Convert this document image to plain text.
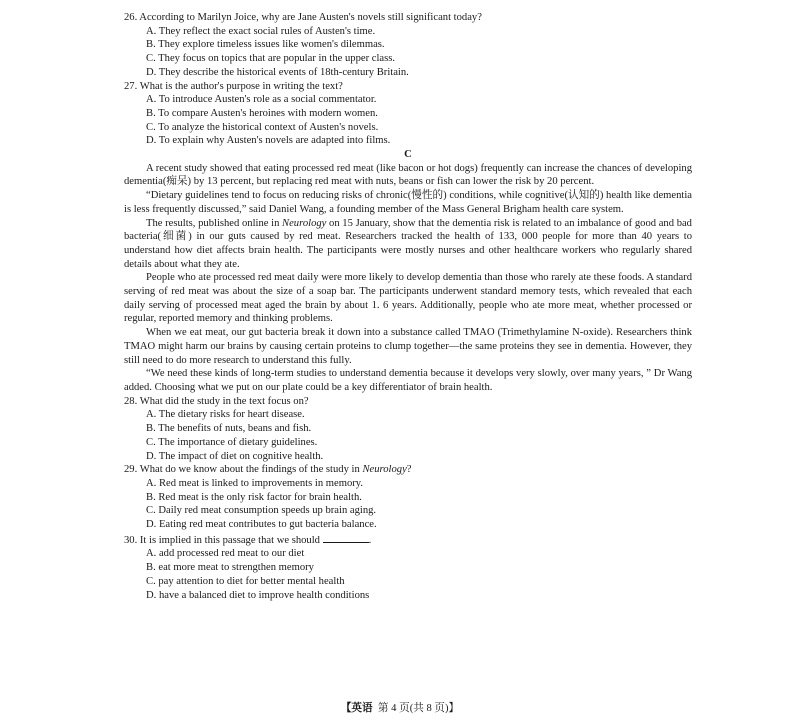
26. According to Marilyn Joice, why are Jane Austen's novels still significant today?

A. They reflect the exact social rules of Austen's time.

B. They explore timeless issues like women's dilemmas.

C. They focus on topics that are popular in the upper class.

D. They describe the historical events of 18th-century Britain.

27. What is the author's purpose in writing the text?

A. To introduce Austen's role as a social commentator.

B. To compare Austen's heroines with modern women.

C. To analyze the historical context of Austen's novels.

D. To explain why Austen's novels are adapted into films.

C

A recent study showed that eating processed red meat (like bacon or hot dogs) frequently can increase the chances of developing dementia(痴呆) by 13 percent, but replacing red meat with nuts, beans or fish can lower the risk by 20 percent.

“Dietary guidelines tend to focus on reducing risks of chronic(慢性的) conditions, while cognitive(认知的) health like dementia is less frequently discussed,” said Daniel Wang, a founding member of the Mass General Brigham health care system.

The results, published online in Neurology on 15 January, show that the dementia risk is related to an imbalance of good and bad bacteria(细菌) in our guts caused by red meat. Researchers tracked the health of 133, 000 people for more than 40 years to understand how diet affects brain health. The participants were mostly nurses and other healthcare workers who regularly shared details about what they ate.

People who ate processed red meat daily were more likely to develop dementia than those who rarely ate these foods. A standard serving of red meat was about the size of a soap bar. The participants underwent standard memory tests, which revealed that each daily serving of processed meat aged the brain by about 1. 6 years. Additionally, people who ate more meat, whether processed or regular, reported memory and thinking problems.

When we eat meat, our gut bacteria break it down into a substance called TMAO (Trimethylamine N-oxide). Researchers think TMAO might harm our brains by causing certain proteins to clump together—the same proteins they see in dementia. However, they still need to do more research to understand this fully.

“We need these kinds of long-term studies to understand dementia because it develops very slowly, over many years, ” Dr Wang added. Choosing what we put on our plate could be a key differentiator of brain health.

28. What did the study in the text focus on?

A. The dietary risks for heart disease.

B. The benefits of nuts, beans and fish.

C. The importance of dietary guidelines.

D. The impact of diet on cognitive health.

29. What do we know about the findings of the study in Neurology?

A. Red meat is linked to improvements in memory.

B. Red meat is the only risk factor for brain health.

C. Daily red meat consumption speeds up brain aging.

D. Eating red meat contributes to gut bacteria balance.

30. It is implied in this passage that we should	.

A. add processed red meat to our diet

B. eat more meat to strengthen memory

C. pay attention to diet for better mental health

D. have a balanced diet to improve health conditions

【英语 第 4 页(共 8 页)】
